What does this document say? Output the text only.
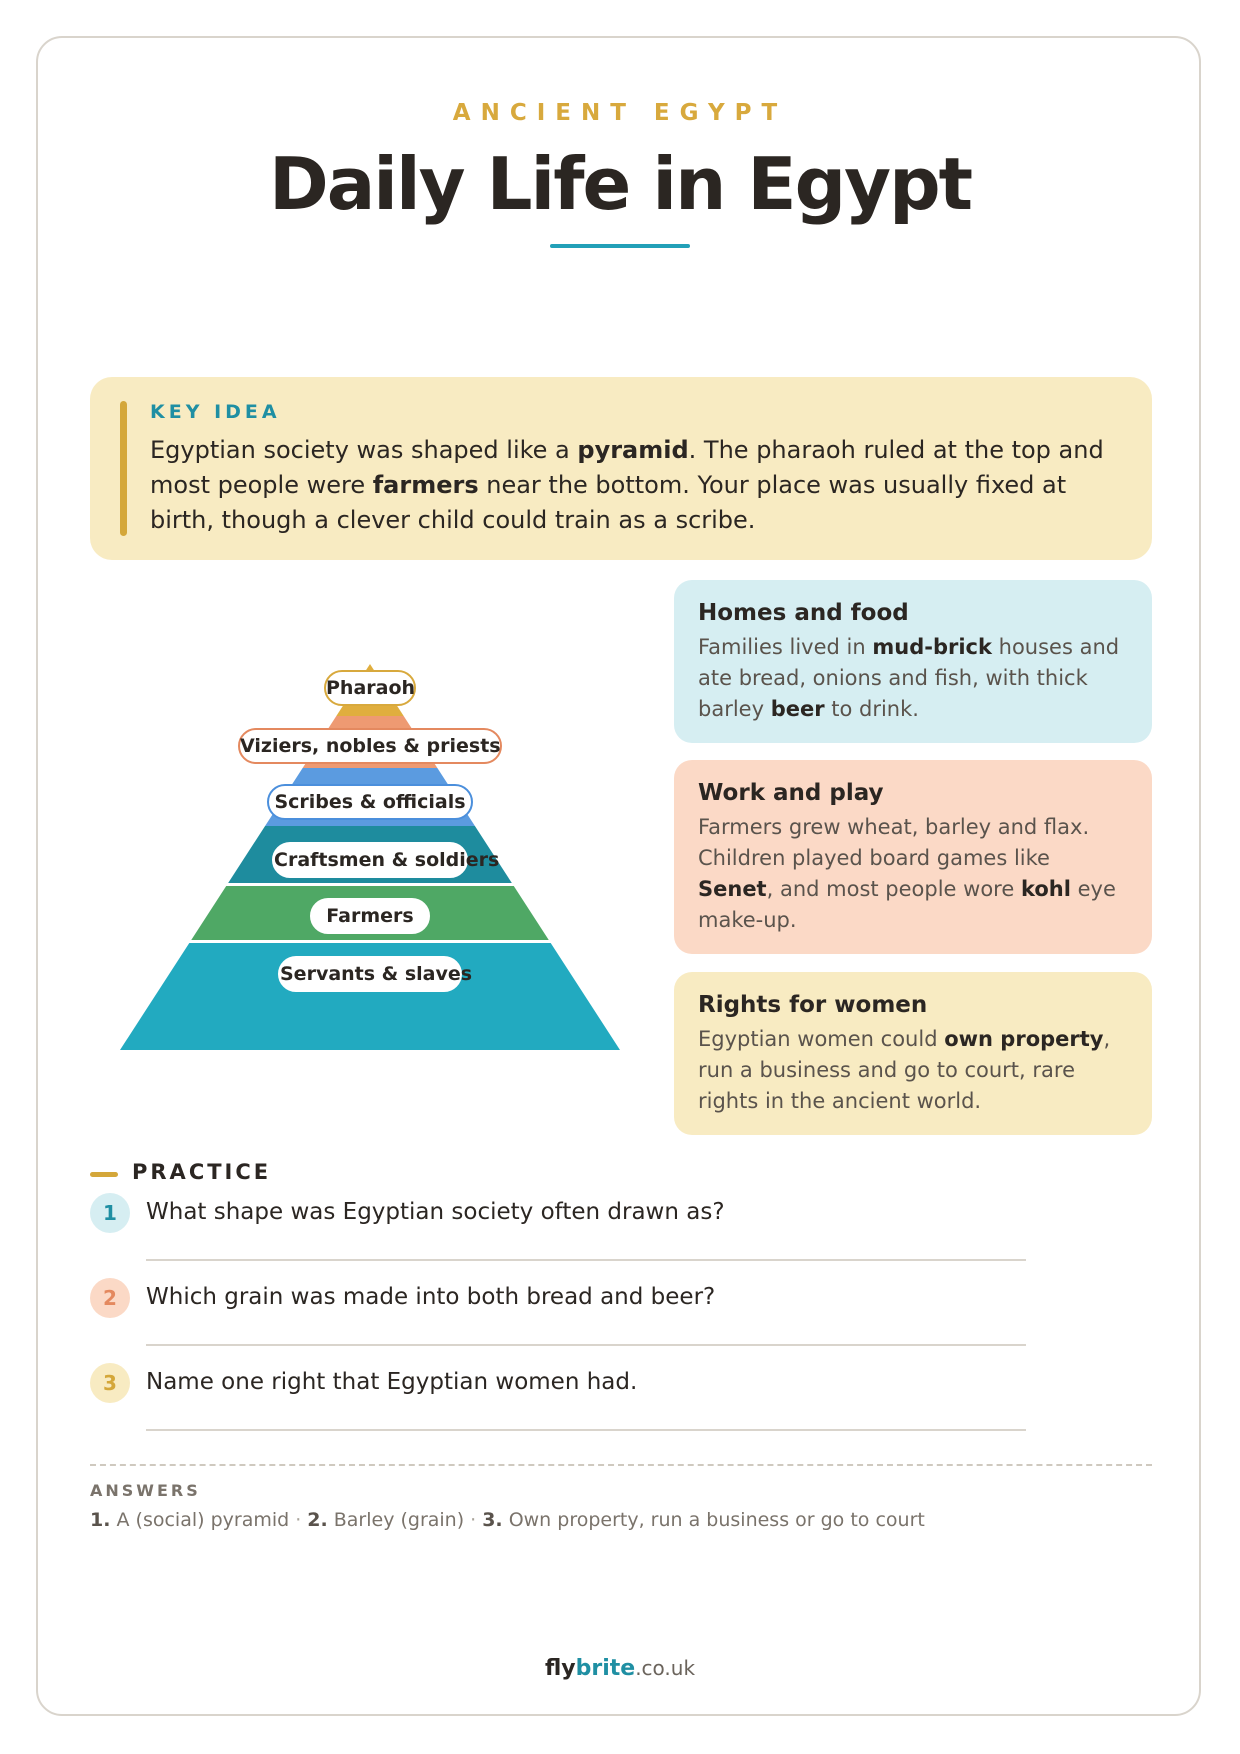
ANCIENT EGYPT
Daily Life in Egypt
KEY IDEA
Egyptian society was shaped like a pyramid. The pharaoh ruled at the top and most people were farmers near the bottom. Your place was usually fixed at birth, though a clever child could train as a scribe.
Pharaoh
Viziers, nobles & priests
Scribes & officials
Craftsmen & soldiers
Farmers
Servants & slaves
Homes and food
Families lived in mud-brick houses and ate bread, onions and fish, with thick barley beer to drink.
Work and play
Farmers grew wheat, barley and flax. Children played board games like Senet, and most people wore kohl eye make-up.
Rights for women
Egyptian women could own property, run a business and go to court, rare rights in the ancient world.
PRACTICE
1	What shape was Egyptian society often drawn as?
2	Which grain was made into both bread and beer?
3	Name one right that Egyptian women had.
ANSWERS
1. A (social) pyramid · 2. Barley (grain) · 3. Own property, run a business or go to court
flybrite.co.uk
